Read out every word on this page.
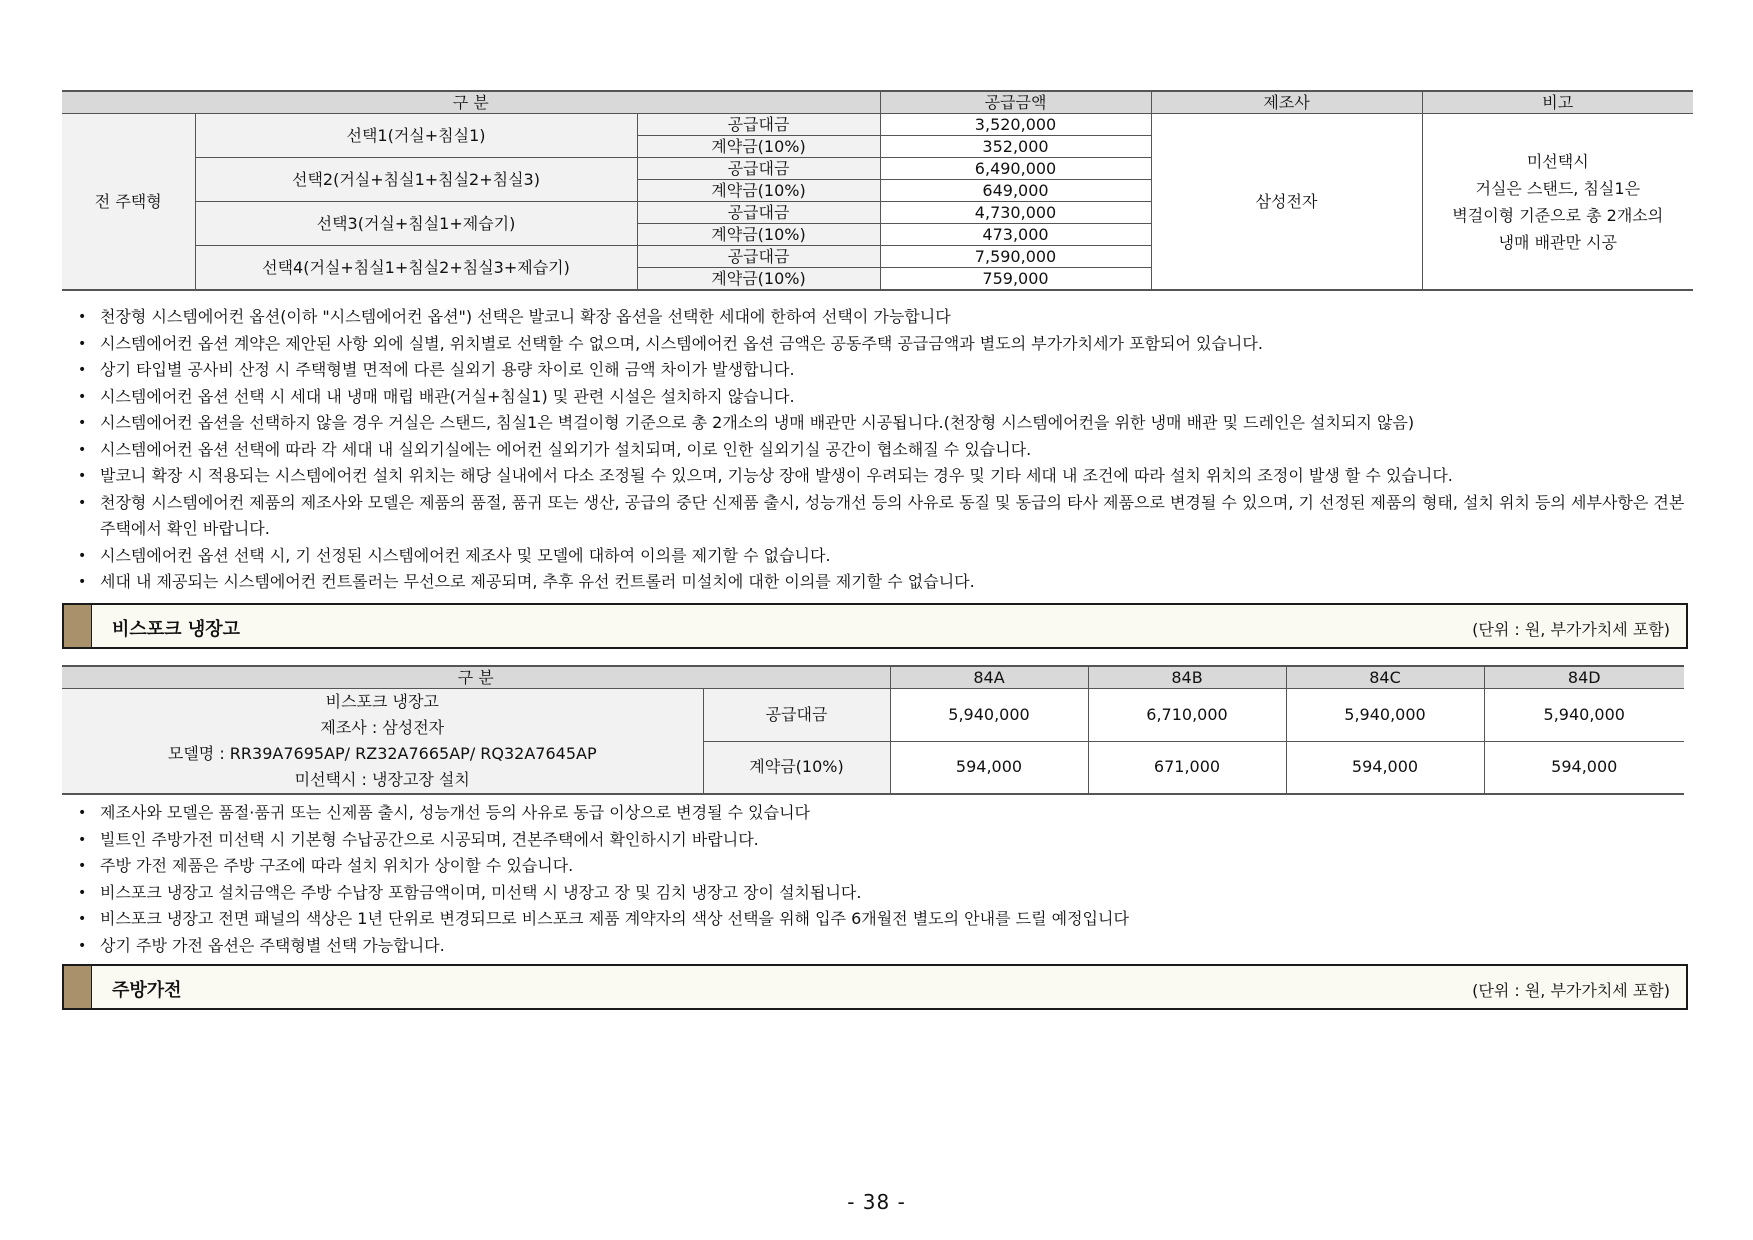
구 분			공급금액	제조사	비고
전 주택형	선택1(거실+침실1)	공급대금	3,520,000	삼성전자	미선택시
거실은 스탠드, 침실1은
벽걸이형 기준으로 총 2개소의
냉매 배관만 시공

		계약금(10%)	352,000		
	선택2(거실+침실1+침실2+침실3)	공급대금	6,490,000		
		계약금(10%)	649,000		
	선택3(거실+침실1+제습기)	공급대금	4,730,000		
		계약금(10%)	473,000		
	선택4(거실+침실1+침실2+침실3+제습기)	공급대금	7,590,000		
		계약금(10%)	759,000		
• 천장형 시스템에어컨 옵션(이하 "시스템에어컨 옵션") 선택은 발코니 확장 옵션을 선택한 세대에 한하여 선택이 가능합니다
• 시스템에어컨 옵션 계약은 제안된 사항 외에 실별, 위치별로 선택할 수 없으며, 시스템에어컨 옵션 금액은 공동주택 공급금액과 별도의 부가가치세가 포함되어 있습니다.
• 상기 타입별 공사비 산정 시 주택형별 면적에 다른 실외기 용량 차이로 인해 금액 차이가 발생합니다.
• 시스템에어컨 옵션 선택 시 세대 내 냉매 매립 배관(거실+침실1) 및 관련 시설은 설치하지 않습니다.
• 시스템에어컨 옵션을 선택하지 않을 경우 거실은 스탠드, 침실1은 벽걸이형 기준으로 총 2개소의 냉매 배관만 시공됩니다.(천장형 시스템에어컨을 위한 냉매 배관 및 드레인은 설치되지 않음)
• 시스템에어컨 옵션 선택에 따라 각 세대 내 실외기실에는 에어컨 실외기가 설치되며, 이로 인한 실외기실 공간이 협소해질 수 있습니다.
• 발코니 확장 시 적용되는 시스템에어컨 설치 위치는 해당 실내에서 다소 조정될 수 있으며, 기능상 장애 발생이 우려되는 경우 및 기타 세대 내 조건에 따라 설치 위치의 조정이 발생 할 수 있습니다.
• 천장형 시스템에어컨 제품의 제조사와 모델은 제품의 품절, 품귀 또는 생산, 공급의 중단 신제품 출시, 성능개선 등의 사유로 동질 및 동급의 타사 제품으로 변경될 수 있으며, 기 선정된 제품의 형태, 설치 위치 등의 세부사항은 견본주택에서 확인 바랍니다.
• 시스템에어컨 옵션 선택 시, 기 선정된 시스템에어컨 제조사 및 모델에 대하여 이의를 제기할 수 없습니다.
• 세대 내 제공되는 시스템에어컨 컨트롤러는 무선으로 제공되며, 추후 유선 컨트롤러 미설치에 대한 이의를 제기할 수 없습니다.
비스포크 냉장고	(단위 : 원, 부가가치세 포함)
구 분		84A	84B	84C	84D

비스포크 냉장고
제조사 : 삼성전자
모델명 : RR39A7695AP/ RZ32A7665AP/ RQ32A7645AP
미선택시 : 냉장고장 설치	공급대금	5,940,000	6,710,000	5,940,000	5,940,000
	계약금(10%)	594,000	671,000	594,000	594,000
• 제조사와 모델은 품절·품귀 또는 신제품 출시, 성능개선 등의 사유로 동급 이상으로 변경될 수 있습니다
• 빌트인 주방가전 미선택 시 기본형 수납공간으로 시공되며, 견본주택에서 확인하시기 바랍니다.
• 주방 가전 제품은 주방 구조에 따라 설치 위치가 상이할 수 있습니다.
• 비스포크 냉장고 설치금액은 주방 수납장 포함금액이며, 미선택 시 냉장고 장 및 김치 냉장고 장이 설치됩니다.
• 비스포크 냉장고 전면 패널의 색상은 1년 단위로 변경되므로 비스포크 제품 계약자의 색상 선택을 위해 입주 6개월전 별도의 안내를 드릴 예정입니다
• 상기 주방 가전 옵션은 주택형별 선택 가능합니다.
주방가전	(단위 : 원, 부가가치세 포함)
- 38 -
